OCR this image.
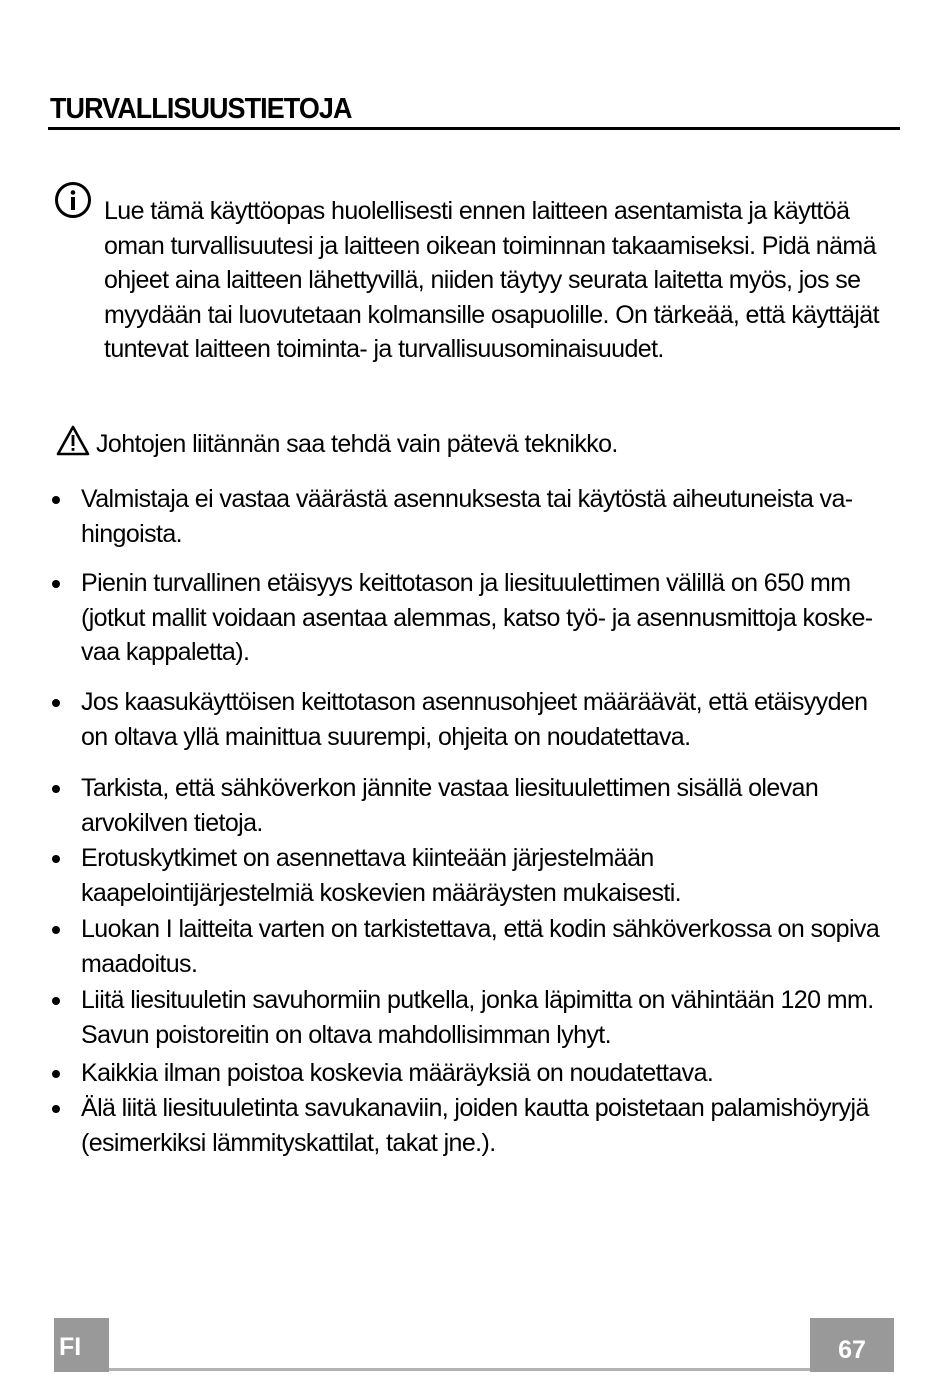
TURVALLISUUSTIETOJA

Lue tämä käyttöopas huolellisesti ennen laitteen asentamista ja käyttöä
oman turvallisuutesi ja laitteen oikean toiminnan takaamiseksi. Pidä nämä
ohjeet aina laitteen lähettyvillä, niiden täytyy seurata laitetta myös, jos se
myydään tai luovutetaan kolmansille osapuolille. On tärkeää, että käyttäjät
tuntevat laitteen toiminta- ja turvallisuusominaisuudet.

Johtojen liitännän saa tehdä vain pätevä teknikko.
Valmistaja ei vastaa väärästä asennuksesta tai käytöstä aiheutuneista va-
hingoista.
Pienin turvallinen etäisyys keittotason ja liesituulettimen välillä on 650 mm
(jotkut mallit voidaan asentaa alemmas, katso työ- ja asennusmittoja koske-
vaa kappaletta).
Jos kaasukäyttöisen keittotason asennusohjeet määräävät, että etäisyyden
on oltava yllä mainittua suurempi, ohjeita on noudatettava.
Tarkista, että sähköverkon jännite vastaa liesituulettimen sisällä olevan
arvokilven tietoja.
Erotuskytkimet on asennettava kiinteään järjestelmään
kaapelointijärjestelmiä koskevien määräysten mukaisesti.
Luokan I laitteita varten on tarkistettava, että kodin sähköverkossa on sopiva
maadoitus.
Liitä liesituuletin savuhormiin putkella, jonka läpimitta on vähintään 120 mm.
Savun poistoreitin on oltava mahdollisimman lyhyt.
Kaikkia ilman poistoa koskevia määräyksiä on noudatettava.
Älä liitä liesituuletinta savukanaviin, joiden kautta poistetaan palamishöyryjä
(esimerkiksi lämmityskattilat, takat jne.).
FI	67
